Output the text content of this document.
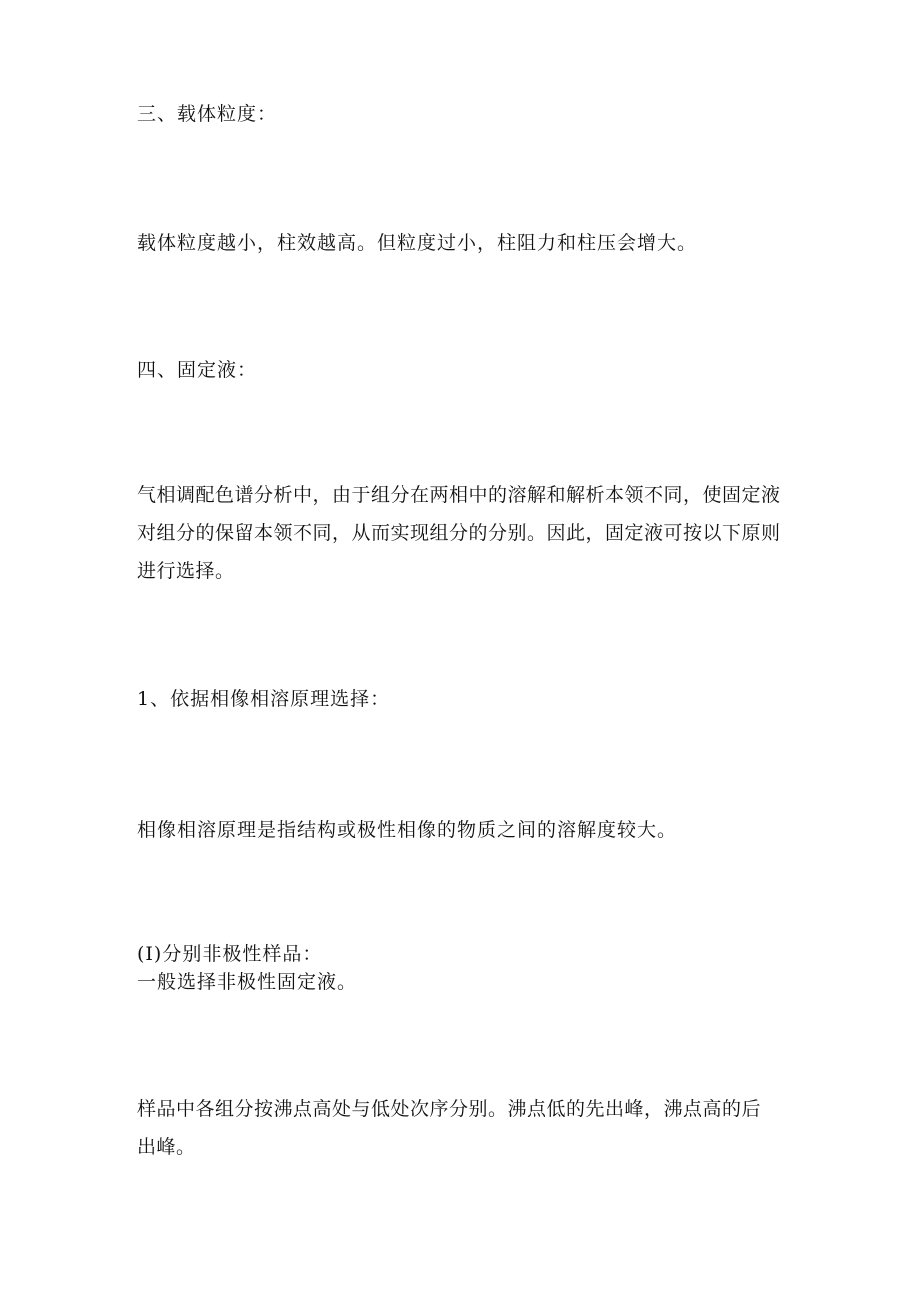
三、载体粒度：
载体粒度越小，柱效越高。但粒度过小，柱阻力和柱压会增大。
四、固定液：
气相调配色谱分析中，由于组分在两相中的溶解和解析本领不同，使固定液
对组分的保留本领不同，从而实现组分的分别。因此，固定液可按以下原则
进行选择。
1、依据相像相溶原理选择：
相像相溶原理是指结构或极性相像的物质之间的溶解度较大。
(I)分别非极性样品：
一般选择非极性固定液。
样品中各组分按沸点高处与低处次序分别。沸点低的先出峰，沸点高的后
出峰。
